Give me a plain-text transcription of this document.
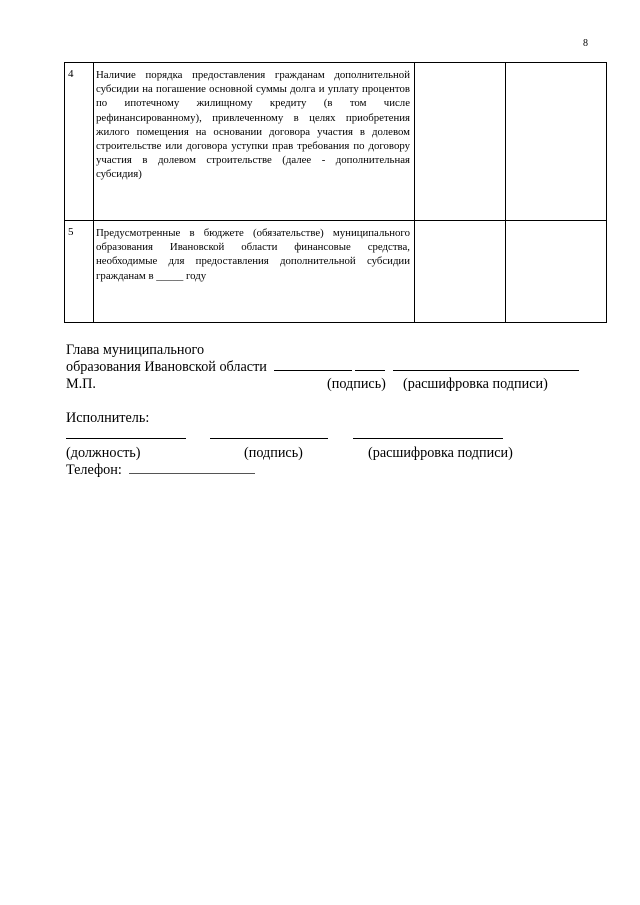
8
4	Наличие порядка предоставления гражданам дополнительной субсидии на погашение основной суммы долга и уплату процентов по ипотечному жилищному кредиту (в том числе рефинансированному), привлеченному в целях приобретения жилого помещения на основании договора участия в долевом строительстве или договора уступки прав требования по договору участия в долевом строительстве (далее - дополнительная субсидия)		
5	Предусмотренные в бюджете (обязательстве) муниципального образования Ивановской области финансовые средства, необходимые для предоставления дополнительной субсидии гражданам в _____ году		
Глава муниципального
образования Ивановской области
М.П.	(подпись) (расшифровка подписи)
Исполнитель:

(должность)	(подпись)	(расшифровка подписи)
Телефон:
